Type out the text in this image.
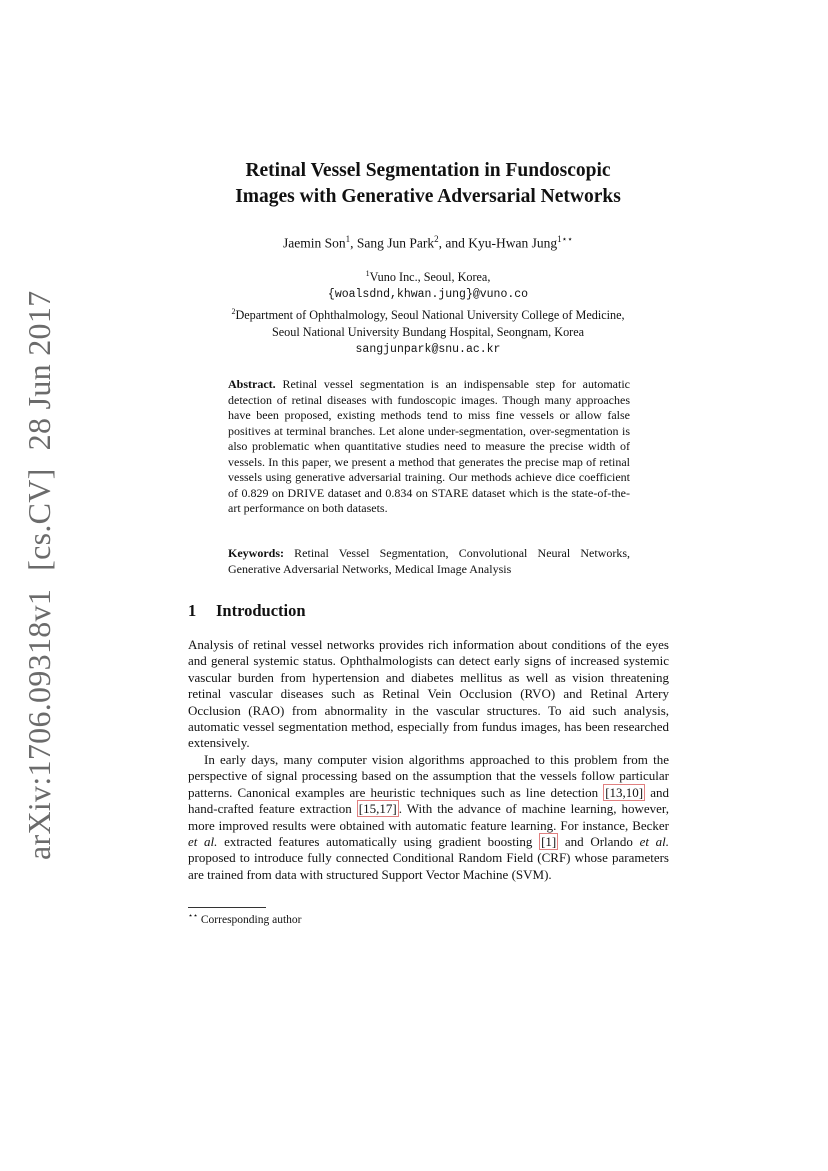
arXiv:1706.09318v1[cs.CV]28 Jun 2017
Retinal Vessel Segmentation in Fundoscopic
Images with Generative Adversarial Networks
Jaemin Son$^1$, Sang Jun Park$^2$, and Kyu-Hwan Jung$^{1⋆⋆}$
$^1$Vuno Inc., Seoul, Korea,
{woalsdnd,khwan.jung}@vuno.co
$^2$Department of Ophthalmology, Seoul National University College of Medicine,
Seoul National University Bundang Hospital, Seongnam, Korea
sangjunpark@snu.ac.kr
Abstract. Retinal vessel segmentation is an indispensable step for automatic detection of retinal diseases with fundoscopic images. Though many approaches have been proposed, existing methods tend to miss fine vessels or allow false positives at terminal branches. Let alone under-segmentation, over-segmentation is also problematic when quantitative studies need to measure the precise width of vessels. In this paper, we present a method that generates the precise map of retinal vessels using generative adversarial training. Our methods achieve dice coefficient of 0.829 on DRIVE dataset and 0.834 on STARE dataset which is the state-of-the-art performance on both datasets.
Keywords: Retinal Vessel Segmentation, Convolutional Neural Networks, Generative Adversarial Networks, Medical Image Analysis
1 Introduction

Analysis of retinal vessel networks provides rich information about conditions of the eyes and general systemic status. Ophthalmologists can detect early signs of increased systemic vascular burden from hypertension and diabetes mellitus as well as vision threatening retinal vascular diseases such as Retinal Vein Occlusion (RVO) and Retinal Artery Occlusion (RAO) from abnormality in the vascular structures. To aid such analysis, automatic vessel segmentation method, especially from fundus images, has been researched extensively.

In early days, many computer vision algorithms approached to this problem from the perspective of signal processing based on the assumption that the vessels follow particular patterns. Canonical examples are heuristic techniques such as line detection [13,10] and hand-crafted feature extraction [15,17] . With the advance of machine learning, however, more improved results were obtained with automatic feature learning. For instance, Becker et al. extracted features automatically using gradient boosting [1] and Orlando et al. proposed to introduce fully connected Conditional Random Field (CRF) whose parameters are trained from data with structured Support Vector Machine (SVM).

⋆⋆ Corresponding author
